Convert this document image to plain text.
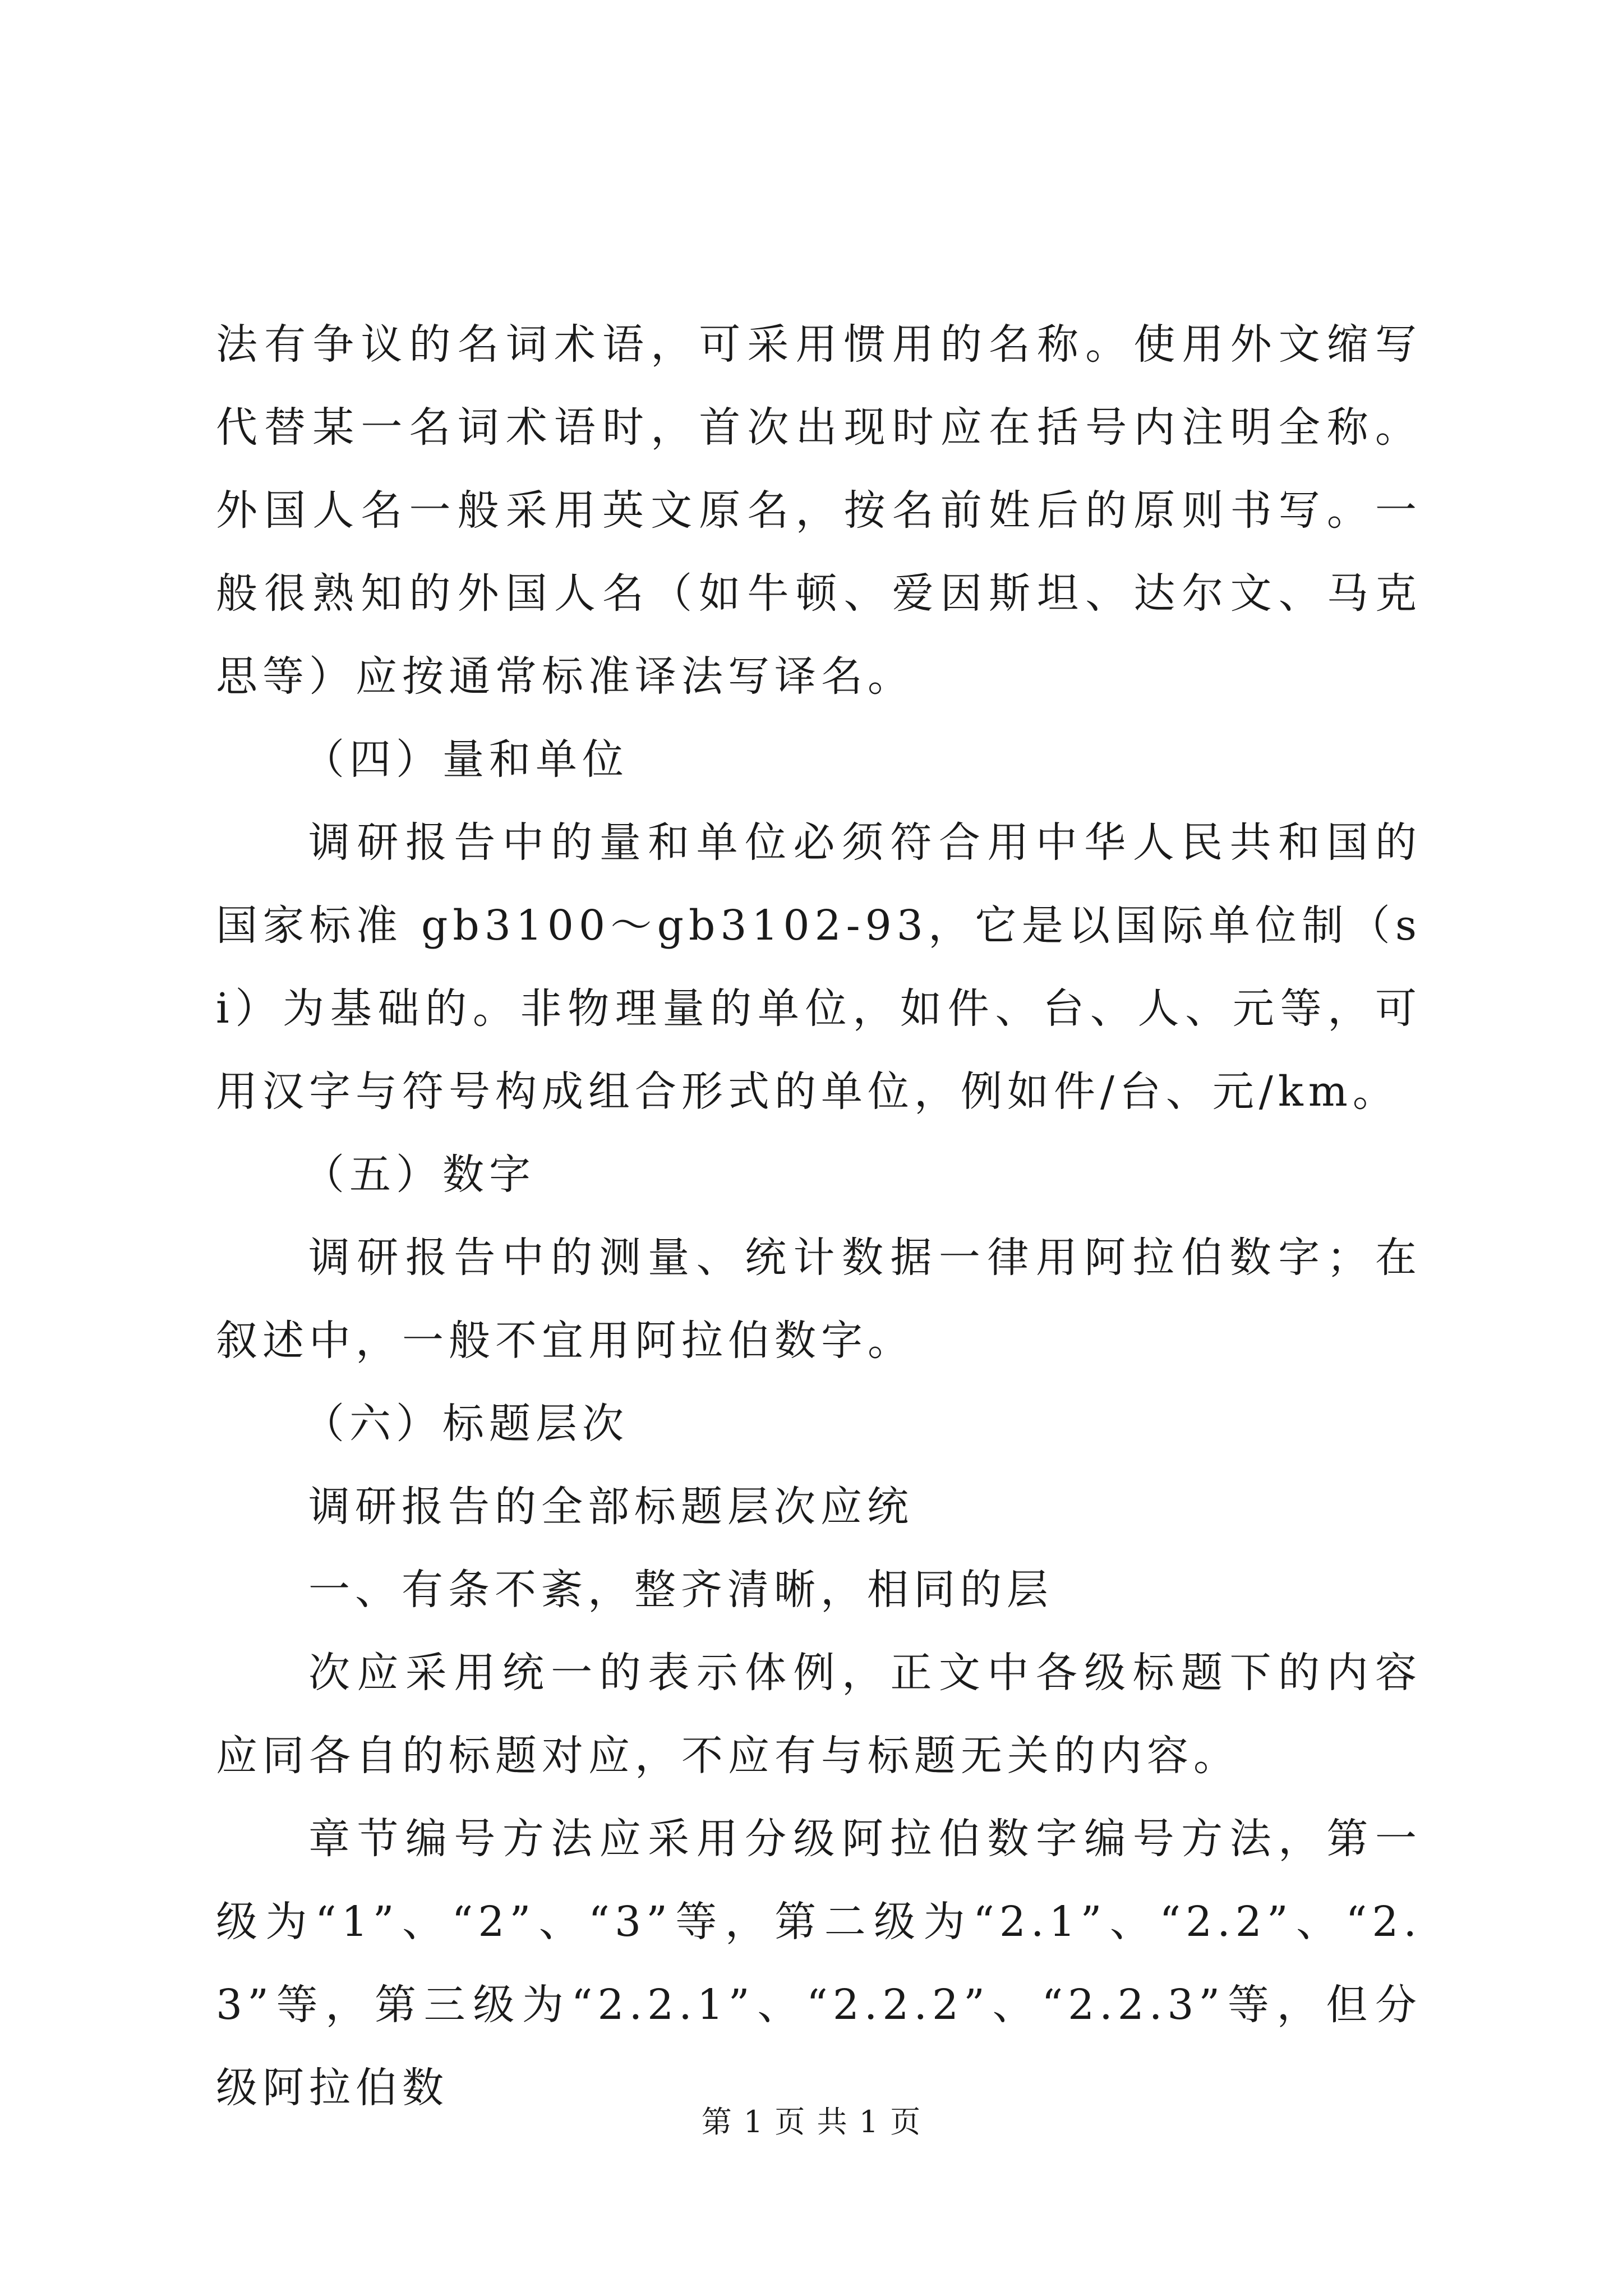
法有争议的名词术语，可采用惯用的名称。使用外文缩写代替某一名词术语时，首次出现时应在括号内注明全称。外国人名一般采用英文原名，按名前姓后的原则书写。一般很熟知的外国人名（如牛顿、爱因斯坦、达尔文、马克思等）应按通常标准译法写译名。

（四）量和单位

调研报告中的量和单位必须符合用中华人民共和国的国家标准 gb3100～gb3102-93，它是以国际单位制（si）为基础的。非物理量的单位，如件、台、人、元等，可用汉字与符号构成组合形式的单位，例如件/台、元/km。

（五）数字

调研报告中的测量、统计数据一律用阿拉伯数字；在叙述中，一般不宜用阿拉伯数字。

（六）标题层次

调研报告的全部标题层次应统

一、有条不紊，整齐清晰，相同的层

次应采用统一的表示体例，正文中各级标题下的内容应同各自的标题对应，不应有与标题无关的内容。

章节编号方法应采用分级阿拉伯数字编号方法，第一级为“1”、“2”、“3”等，第二级为“2.1”、“2.2”、“2.3”等，第三级为“2.2.1”、“2.2.2”、“2.2.3”等，但分级阿拉伯数

第 1 页 共 1 页
